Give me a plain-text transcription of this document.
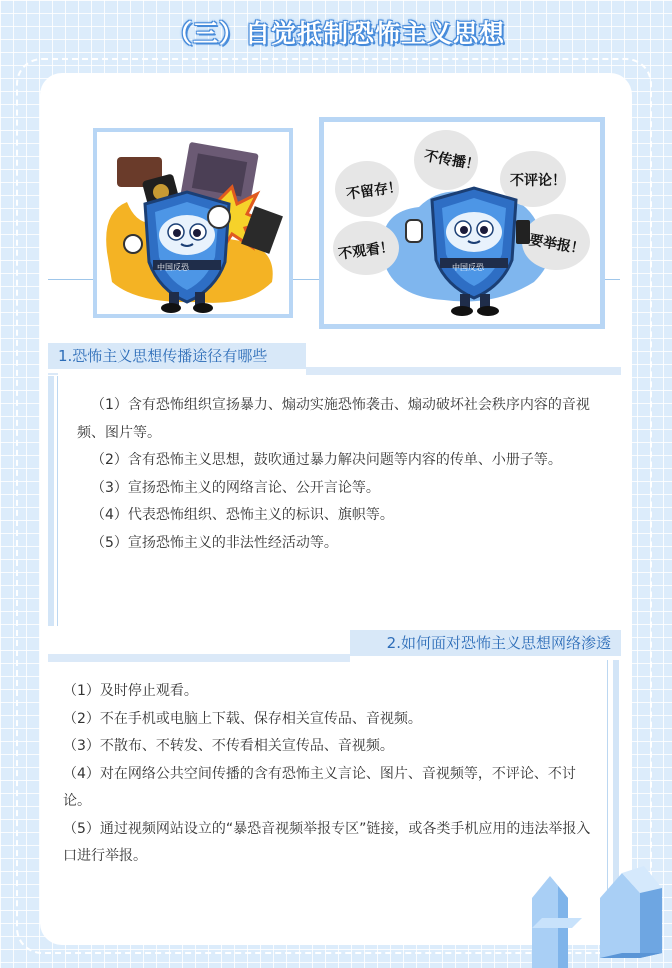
（三）自觉抵制恐怖主义思想
中国反恐
不传播！
不留存！	不评论！
不观看！	要举报！
中国反恐
1.恐怖主义思想传播途径有哪些

（1）含有恐怖组织宣扬暴力、煽动实施恐怖袭击、煽动破坏社会秩序内容的音视频、图片等。

（2）含有恐怖主义思想，鼓吹通过暴力解决问题等内容的传单、小册子等。

（3）宣扬恐怖主义的网络言论、公开言论等。

（4）代表恐怖组织、恐怖主义的标识、旗帜等。

（5）宣扬恐怖主义的非法性经活动等。

2.如何面对恐怖主义思想网络渗透

（1）及时停止观看。

（2）不在手机或电脑上下载、保存相关宣传品、音视频。

（3）不散布、不转发、不传看相关宣传品、音视频。

（4）对在网络公共空间传播的含有恐怖主义言论、图片、音视频等，不评论、不讨论。

（5）通过视频网站设立的“暴恐音视频举报专区”链接，或各类手机应用的违法举报入口进行举报。
